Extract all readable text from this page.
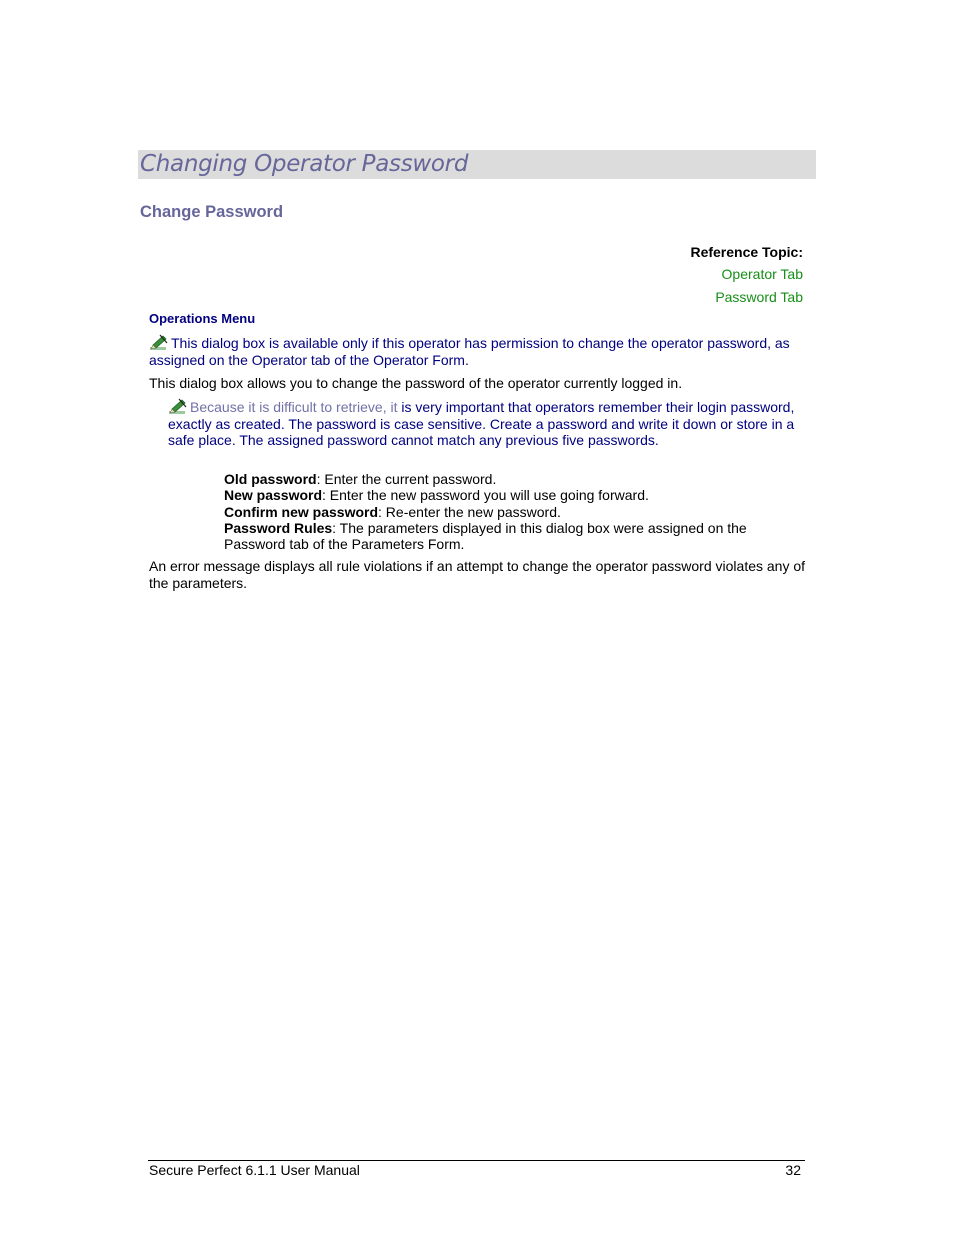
Changing Operator Password
Change Password
Reference Topic:
Operator Tab
Password Tab
Operations Menu
This dialog box is available only if this operator has permission to change the operator password, as assigned on the Operator tab of the Operator Form.
This dialog box allows you to change the password of the operator currently logged in.
Because it is difficult to retrieve, it is very important that operators remember their login password, exactly as created. The password is case sensitive. Create a password and write it down or store in a safe place. The assigned password cannot match any previous five passwords.
Old password: Enter the current password.
New password: Enter the new password you will use going forward.
Confirm new password: Re-enter the new password.
Password Rules: The parameters displayed in this dialog box were assigned on the Password tab of the Parameters Form.
An error message displays all rule violations if an attempt to change the operator password violates any of the parameters.
Secure Perfect 6.1.1 User Manual	32
